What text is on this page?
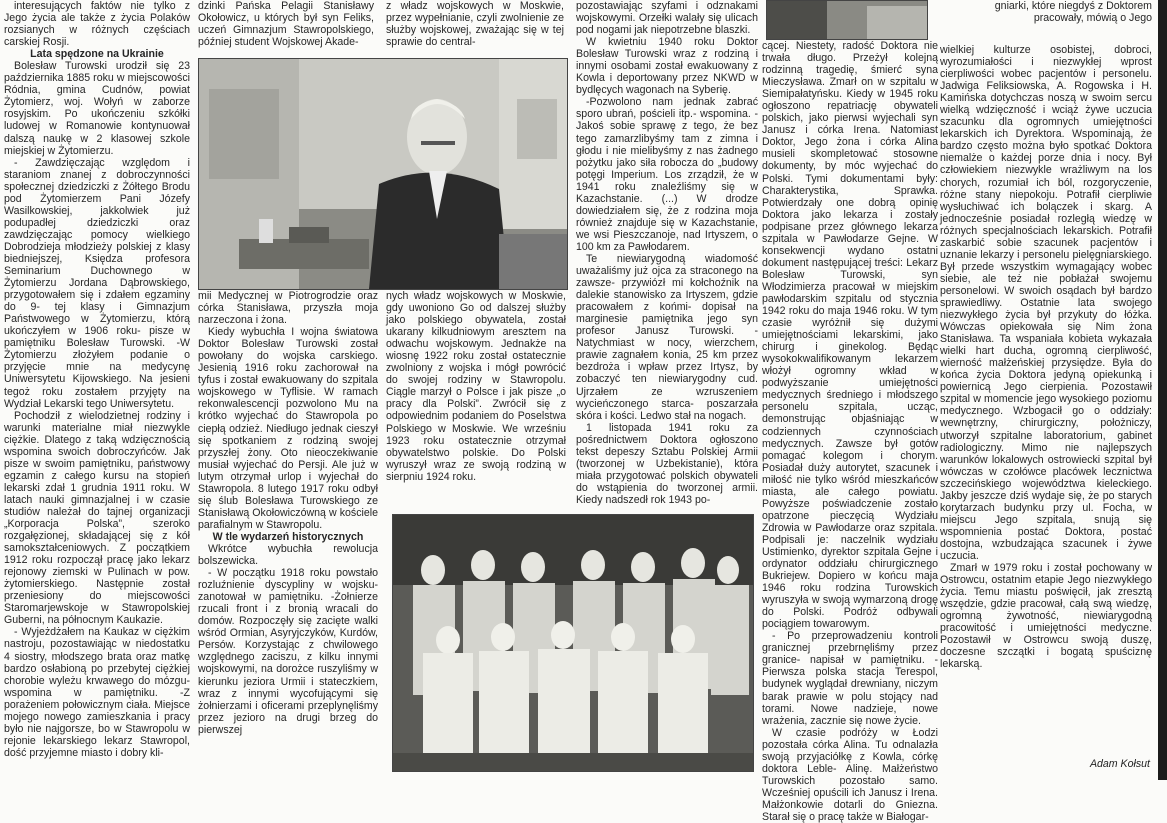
interesujących faktów nie tylko z Jego życia ale także z życia Polaków rozsianych w różnych częściach carskiej Rosji.

Lata spędzone na Ukrainie

Bolesław Turowski urodził się 23 października 1885 roku w miejscowości Ródnia, gmina Cudnów, powiat Żytomierz, woj. Wołyń w zaborze rosyjskim. Po ukończeniu szkółki ludowej w Romanowie kontynuował dalszą naukę w 2 klasowej szkole miejskiej w Żytomierzu.

- Zawdzięczając względom i staraniom znanej z dobroczynności społecznej dziedziczki z Żółtego Brodu pod Żytomierzem Pani Józefy Wasilkowskiej, jakkolwiek już podupadłej dziedziczki oraz zawdzięczając pomocy wielkiego Dobrodzieja młodzieży polskiej z klasy biedniejszej, Księdza profesora Seminarium Duchownego w Żytomierzu Jordana Dąbrowskiego, przygotowałem się i zdałem egzaminy do 9- tej klasy i Gimnazjum Państwowego w Żytomierzu, którą ukończyłem w 1906 roku- pisze w pamiętniku Bolesław Turowski. -W Żytomierzu złożyłem podanie o przyjęcie mnie na medycynę Uniwersytetu Kijowskiego. Na jesieni tegoż roku zostałem przyjęty na Wydział Lekarski tego Uniwersytetu.

Pochodził z wielodzietnej rodziny i warunki materialne miał niezwykle ciężkie. Dlatego z taką wdzięcznością wspomina swoich dobroczyńców. Jak pisze w swoim pamiętniku, państwowy egzamin z całego kursu na stopień lekarski zdał 1 grudnia 1911 roku. W latach nauki gimnazjalnej i w czasie studiów należał do tajnej organizacji „Korporacja Polska”, szeroko rozgałęzionej, składającej się z kół samokształceniowych. Z początkiem 1912 roku rozpoczął pracę jako lekarz rejonowy ziemski w Pulinach w pow. żytomierskiego. Następnie został przeniesiony do miejscowości Staromarjewskoje w Stawropolskiej Guberni, na północnym Kaukazie.

- Wyjeżdżałem na Kaukaz w ciężkim nastroju, pozostawiając w niedostatku 4 siostry, młodszego brata oraz matkę bardzo osłabioną po przebytej ciężkiej chorobie wyleżu krwawego do mózgu- wspomina w pamiętniku. -Z porażeniem połowicznym ciała. Miejsce mojego nowego zamieszkania i pracy było nie najgorsze, bo w Stawropolu w rejonie lekarskiego lekarz Stawropol, dość przyjemne miasto i dobry kli-

dzinki Pańska Pelagii Stanisławy Okołowicz, u których był syn Feliks, uczeń Gimnazjum Stawropolskiego, później student Wojskowej Akade-

z władz wojskowych w Moskwie, przez wypełnianie, czyli zwolnienie ze służby wojskowej, zważając się w tej sprawie do central-

mii Medycznej w Piotrogrodzie oraz córka Stanisława, przyszła moja narzeczona i żona.

Kiedy wybuchła I wojna światowa Doktor Bolesław Turowski został powołany do wojska carskiego. Jesienią 1916 roku zachorował na tyfus i został ewakuowany do szpitala wojskowego w Tyflisie. W ramach rekonwalescencji pozwolono Mu na krótko wyjechać do Stawropola po ciepłą odzież. Niedługo jednak cieszył się spotkaniem z rodziną swojej przyszłej żony. Oto nieoczekiwanie musiał wyjechać do Persji. Ale już w lutym otrzymał urlop i wyjechał do Stawropola. 8 lutego 1917 roku odbył się ślub Bolesława Turowskiego ze Stanisławą Okołowiczówną w kościele parafialnym w Stawropolu.

W tle wydarzeń historycznych

Wkrótce wybuchła rewolucja bolszewicka.

- W początku 1918 roku powstało rozluźnienie dyscypliny w wojsku- zanotował w pamiętniku. -Żołnierze rzucali front i z bronią wracali do domów. Rozpoczęły się zacięte walki wśród Ormian, Asyryjczyków, Kurdów, Persów. Korzystając z chwilowego względnego zaciszu, z kilku innymi wojskowymi, na dorożce ruszyliśmy w kierunku jeziora Urmii i stateczkiem, wraz z innymi wycofującymi się żołnierzami i oficerami przeplynęliśmy przez jezioro na drugi brzeg do pierwszej

nych władz wojskowych w Moskwie, gdy uwoniono Go od dalszej służby jako polskiego obywatela, został ukarany kilkudniowym aresztem na odwachu wojskowym. Jednakże na wiosnę 1922 roku został ostatecznie zwolniony z wojska i mógł powrócić do swojej rodziny w Stawropolu. Ciągle marzył o Polsce i jak pisze „o pracy dla Polski”. Zwrócił się z odpowiednim podaniem do Poselstwa Polskiego w Moskwie. We wrześniu 1923 roku ostatecznie otrzymał obywatelstwo polskie. Do Polski wyruszył wraz ze swoją rodziną w sierpniu 1924 roku.

pozostawiając szyfami i odznakami wojskowymi. Orzełki walały się ulicach pod nogami jak niepotrzebne blaszki.

W kwietniu 1940 roku Doktor Bolesław Turowski wraz z rodziną i innymi osobami został ewakuowany z Kowla i deportowany przez NKWD w bydlęcych wagonach na Syberię.

-Pozwolono nam jednak zabrać sporo ubrań, pościeli itp.- wspomina. -Jakoś sobie sprawę z tego, że bez tego zamarzlibyśmy tam z zimna i głodu i nie mielibyśmy z nas żadnego pożytku jako siła robocza do „budowy potęgi Imperium. Los zrządził, że w 1941 roku znaleźliśmy się w Kazachstanie. (...) W drodze dowiedziałem się, że z rodzina moja również znajduje się w Kazachstanie, we wsi Pieszczanoje, nad Irtyszem, o 100 km za Pawłodarem.

Te niewiarygodną wiadomość uważaliśmy już ojca za straconego na zawsze- przywiózł mi kołchoźnik na dalekie stanowisko za Irtyszem, gdzie pracowałem z końmi- dopisał na marginesie pamiętnika jego syn profesor Janusz Turowski. -Natychmiast w nocy, wierzchem, prawie zagnałem konia, 25 km przez bezdroża i wpław przez Irtysz, by zobaczyć ten niewiarygodny cud. Ujrzałem ze wzruszeniem wycieńczonego starca- poszarzała skóra i kości. Ledwo stał na nogach.

1 listopada 1941 roku za pośrednictwem Doktora ogłoszono tekst depeszy Sztabu Polskiej Armii (tworzonej w Uzbekistanie), która miała przygotować polskich obywateli do wstąpienia do tworzonej armii. Kiedy nadszedł rok 1943 po-

cącej. Niestety, radość Doktora nie trwała długo. Przeżył kolejną rodzinną tragedię, śmierć syna Mieczysława. Zmarł on w szpitalu w Siemipałatyńsku. Kiedy w 1945 roku ogłoszono repatriację obywateli polskich, jako pierwsi wyjechali syn Janusz i córka Irena. Natomiast Doktor, Jego żona i córka Alina musieli skompletować stosowne dokumenty, by móc wyjechać do Polski. Tymi dokumentami były: Charakterystika, Sprawka. Potwierdzały one dobrą opinię Doktora jako lekarza i zostały podpisane przez głównego lekarza szpitala w Pawłodarze Gejne. W konsekwencji wydano ostatni dokument następującej treści: Lekarz Bolesław Turowski, syn Włodzimierza pracował w miejskim pawłodarskim szpitalu od stycznia 1942 roku do maja 1946 roku. W tym czasie wyróżnił się dużymi umiejętnościami lekarskimi, jako chirurg i ginekolog. Będąc wysokokwalifikowanym lekarzem włożył ogromny wkład w podwyższanie umiejętności medycznych średniego i młodszego personelu szpitala, ucząc, demonstrując objaśniając w codziennych czynnościach medycznych. Zawsze był gotów pomagać kolegom i chorym. Posiadał duży autorytet, szacunek i miłość nie tylko wśród mieszkańców miasta, ale całego powiatu. Powyższe poświadczenie zostało opatrzone pieczęcią Wydziału Zdrowia w Pawłodarze oraz szpitala. Podpisali je: naczelnik wydziału Ustimienko, dyrektor szpitala Gejne i ordynator oddziału chirurgicznego Bukriejew. Dopiero w końcu maja 1946 roku rodzina Turowskich wyruszyła w swoją wymarzoną drogę do Polski. Podróż odbywali pociągiem towarowym.

- Po przeprowadzeniu kontroli granicznej przebrnęliśmy przez granice- napisał w pamiętniku. -Pierwsza polska stacja Terespol, budynek wyglądał drewniany, niczym barak prawie w polu stojący nad torami. Nowe nadzieje, nowe wrażenia, zacznie się nowe życie.

W czasie podróży w Łodzi pozostała córka Alina. Tu odnalazła swoją przyjaciółkę z Kowla, córkę doktora Leble- Alinę. Małżeństwo Turowskich pozostało samo. Wcześniej opuścili ich Janusz i Irena. Małżonkowie dotarli do Gniezna. Starał się o pracę także w Białogar-

gniarki, które niegdyś z Doktorem pracowały, mówią o Jego

wielkiej kulturze osobistej, dobroci, wyrozumiałości i niezwykłej wprost cierpliwości wobec pacjentów i personelu. Jadwiga Feliksiowska, A. Rogowska i H. Kamińska dotychczas noszą w swoim sercu wielką wdzięczność i wciąż żywe uczucia szacunku dla ogromnych umiejętności lekarskich ich Dyrektora. Wspominają, że bardzo często można było spotkać Doktora niemalże o każdej porze dnia i nocy. Był człowiekiem niezwykle wrażliwym na los chorych, rozumiał ich ból, rozgoryczenie, różne stany niepokoju. Potrafił cierpliwie wysłuchiwać ich bolączek i skarg. A jednocześnie posiadał rozległą wiedzę w różnych specjalnościach lekarskich. Potrafił zaskarbić sobie szacunek pacjentów i uznanie lekarzy i personelu pielęgniarskiego. Był przede wszystkim wymagający wobec siebie, ale też nie pobłażał swojemu personelowi. W swoich osądach był bardzo sprawiedliwy. Ostatnie lata swojego niezwykłego życia był przykuty do łóżka. Wówczas opiekowała się Nim żona Stanisława. Ta wspaniała kobieta wykazała wielki hart ducha, ogromną cierpliwość, wierność małżeńskiej przysiędze. Była do końca życia Doktora jedyną opiekunką i powiernicą Jego cierpienia. Pozostawił szpital w momencie jego wysokiego poziomu medycznego. Wzbogacił go o oddziały: wewnętrzny, chirurgiczny, położniczy, utworzył szpitalne laboratorium, gabinet radiologiczny. Mimo nie najlepszych warunków lokalowych ostrowiecki szpital był wówczas w czołówce placówek lecznictwa szczecińskiego województwa kieleckiego. Jakby jeszcze dziś wydaje się, że po starych korytarzach budynku przy ul. Focha, w miejscu Jego szpitala, snują się wspomnienia postać Doktora, postać dostojna, wzbudzająca szacunek i żywe uczucia.

Zmarł w 1979 roku i został pochowany w Ostrowcu, ostatnim etapie Jego niezwykłego życia. Temu miastu poświęcił, jak zresztą wszędzie, gdzie pracował, całą swą wiedzę, ogromną żywotność, niewiarygodną pracowitość i umiejętności medyczne. Pozostawił w Ostrowcu swoją duszę, doczesne szczątki i bogatą spuściznę lekarską.

Adam Kołsut
